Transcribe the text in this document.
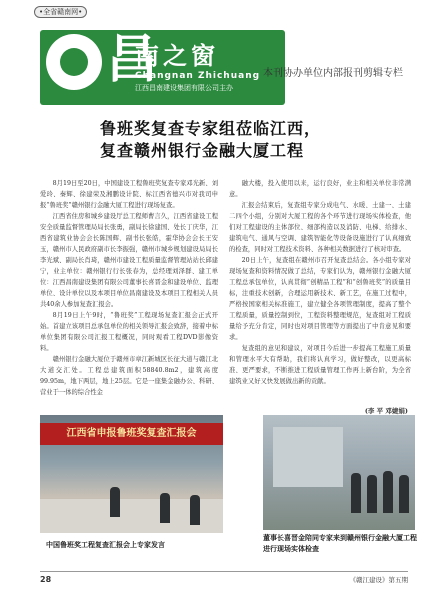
•全省赣南网•
昌
南之窗
Changnan Zhichuang
江西昌南建设集团有限公司主办
本刊协办单位内部报刊剪辑专栏
鲁班奖复查专家组莅临江西，
复查赣州银行金融大厦工程

8月19日至20日，中国建设工程鲁班奖复查专家邓光新、刘爱玲、秦辉、徐建荣及湘鹏设计院、标江西省德兴市对我司申报“鲁班奖”赣州银行金融大厦工程进行现场复查。

江西省住房和城乡建设厅总工程师曹言久，江西省建设工程安全质量监督管理局局长张勇，副局长徐建国、处长丁庆华，江西省建筑业协会会长陈国辉、副书长张皓，霍华协会会长王安玉，赣州市人民政府副市长李振强，赣州市城乡规划建设局局长李光斌、副局长肖琦，赣州市建设工程质量监督管理站站长邱建宁，业主单位：赣州银行行长张春为，总经理刘泽群、建工单位：江西昌南建设集团有限公司董事长喜晋金和建设单位、监理单位、设计单位以及本项目单位昌南建设及本项目工程相关人员共40余人参加复查汇报会。

8月19日上午9时，“鲁班奖”工程现场复查汇报会正式开始。首建立该项目总承包单位的相关领导汇报会致辞，接着中标单位集团有限公司汇报工程概况，同时观看工程DVD影像资料。

赣州银行金融大厦位于赣州市章江新城区长征大道与赣江北大道交汇处。工程总建筑面积58840.8m2，建筑高度99.95m，地下两层，地上25层。它是一座集金融办公、科研、营业于一体的综合性金

融大楼，投入使用以来，运行良好，业主和相关单位非常满意。

汇报会结束后，复查组专家分成电气、水暖、土建一、土建二四个小组，分别对大厦工程的各个环节进行现场实体检查，他们对工程建设的主体部位、细部构造以及消防、电梯、给排水、建筑电气、通风与空调、建筑智能化等设备设施进行了认真细致的检查，同时对工程技术资料、各种相关数据进行了核对审查。

20日上午，复查组在赣州市召开复查总结会。各小组专家对现场复查和资料情况做了总结，专家们认为，赣州银行金融大厦工程总承包单位，认真贯彻“创精品工程”和“创鲁班奖”的质量目标，注重技术创新，合理运用新技术、新工艺，在施工过程中，严格按国家相关标准施工，建立健全各项管理制度，提高了整个工程质量，质量控制到位，工程资料整理规范，复查组对工程质量给予充分肯定，同时也对项目管理等方面提出了中肯意见和要求。

复查组的意见和建议，对项目今后进一步提高工程施工质量和管理水平大有帮助，我们将认真学习，做好整改，以更高标准、更严要求，不断推进工程质量管理工作再上新台阶，为全省建筑业又好又快发展做出新的贡献。

(李 平 邓婕娟)
江西省申报鲁班奖复查汇报会
中国鲁班奖工程复查汇报会上专家发言
董事长喜晋金陪同专家来到赣州银行金融大厦工程进行现场实体检查
28	《赣江建设》第五期
